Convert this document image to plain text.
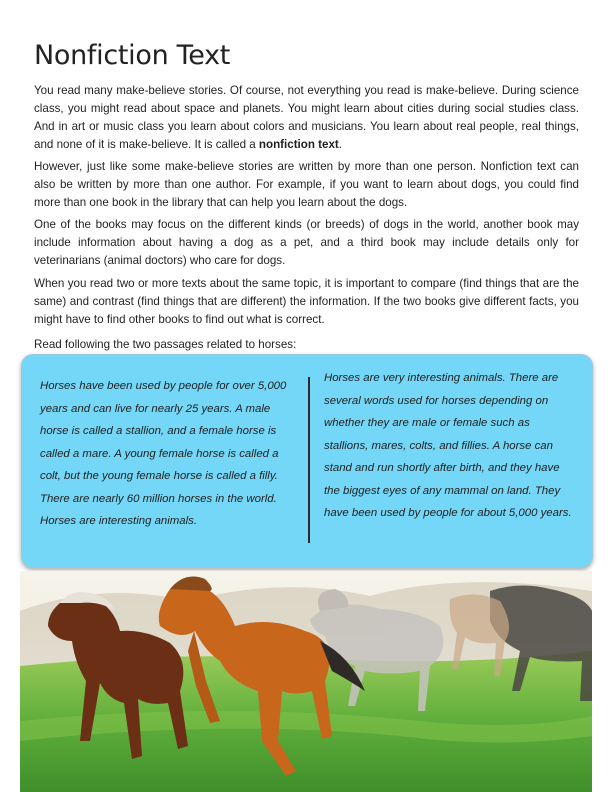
Nonfiction Text

You read many make-believe stories. Of course, not everything you read is make-believe. During science class, you might read about space and planets. You might learn about cities during social studies class. And in art or music class you learn about colors and musicians. You learn about real people, real things, and none of it is make-believe. It is called a nonfiction text.

However, just like some make-believe stories are written by more than one person. Nonfiction text can also be written by more than one author. For example, if you want to learn about dogs, you could find more than one book in the library that can help you learn about the dogs.

One of the books may focus on the different kinds (or breeds) of dogs in the world, another book may include information about having a dog as a pet, and a third book may include details only for veterinarians (animal doctors) who care for dogs.

When you read two or more texts about the same topic, it is important to compare (find things that are the same) and contrast (find things that are different) the information. If the two books give different facts, you might have to find other books to find out what is correct.

Read following the two passages related to horses:

Horses have been used by people for over 5,000 years and can live for nearly 25 years. A male horse is called a stallion, and a female horse is called a mare. A young female horse is called a colt, but the young female horse is called a filly. There are nearly 60 million horses in the world. Horses are interesting animals.
Horses are very interesting animals. There are several words used for horses depending on whether they are male or female such as stallions, mares, colts, and fillies. A horse can stand and run shortly after birth, and they have the biggest eyes of any mammal on land. They have been used by people for about 5,000 years.
